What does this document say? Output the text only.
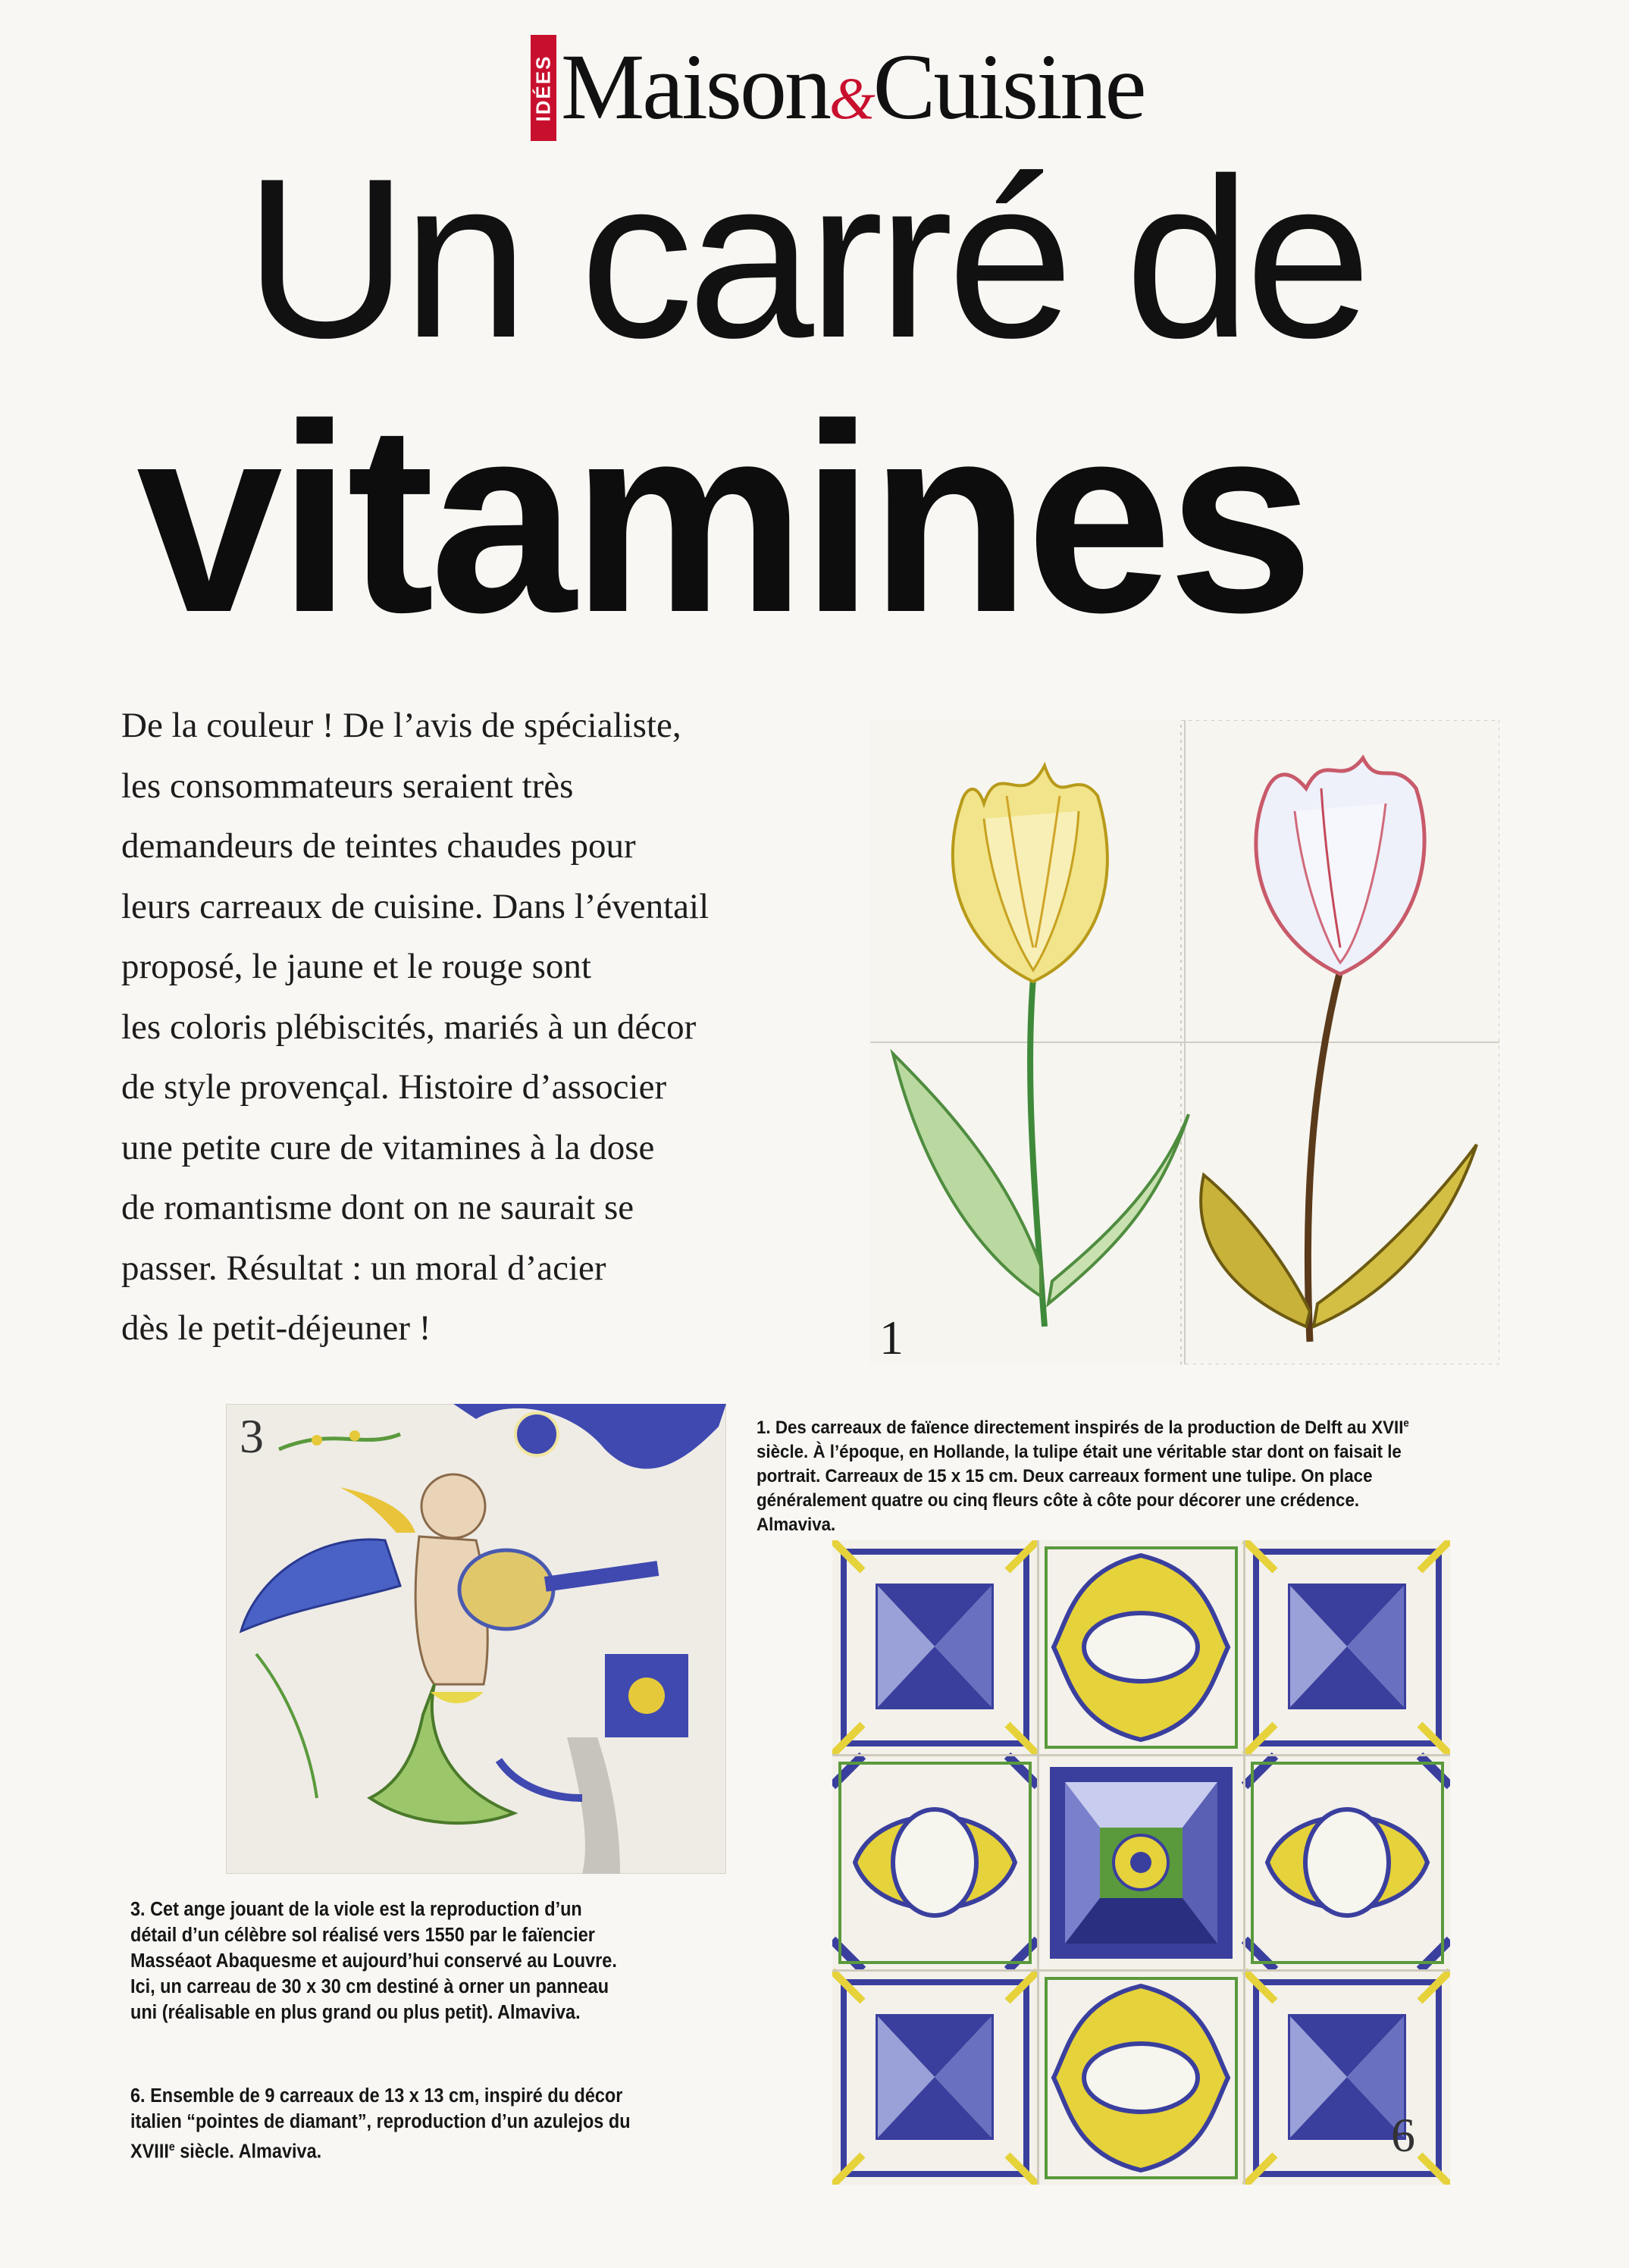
IDÉES Maison&Cuisine
Un carré de
vitamines

De la couleur ! De l’avis de spécialiste,

les consommateurs seraient très

demandeurs de teintes chaudes pour

leurs carreaux de cuisine. Dans l’éventail

proposé, le jaune et le rouge sont

les coloris plébiscités, mariés à un décor

de style provençal. Histoire d’associer

une petite cure de vitamines à la dose

de romantisme dont on ne saurait se

passer. Résultat : un moral d’acier

dès le petit-déjeuner !	1

1. Des carreaux de faïence directement inspirés de la production de Delft au XVIIe siècle. À l’époque, en Hollande, la tulipe était une véritable star dont on faisait le portrait. Carreaux de 15 x 15 cm. Deux carreaux forment une tulipe. On place généralement quatre ou cinq fleurs côte à côte pour décorer une crédence. Almaviva.

3

3. Cet ange jouant de la viole est la reproduction d’un détail d’un célèbre sol réalisé vers 1550 par le faïencier Masséaot Abaquesme et aujourd’hui conservé au Louvre. Ici, un carreau de 30 x 30 cm destiné à orner un panneau uni (réalisable en plus grand ou plus petit). Almaviva.

6. Ensemble de 9 carreaux de 13 x 13 cm, inspiré du décor italien “pointes de diamant”, reproduction d’un azulejos du XVIIIe siècle. Almaviva.	6
